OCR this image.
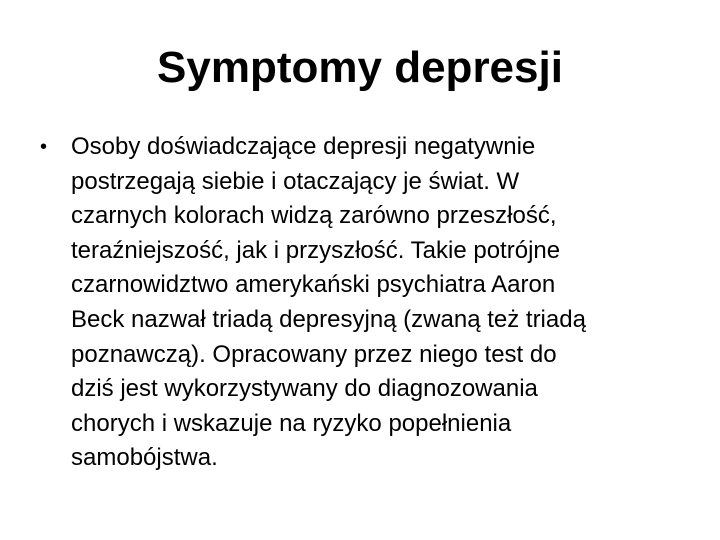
Symptomy depresji
• Osoby doświadczające depresji negatywnie
postrzegają siebie i otaczający je świat. W
czarnych kolorach widzą zarówno przeszłość,
teraźniejszość, jak i przyszłość. Takie potrójne
czarnowidztwo amerykański psychiatra Aaron
Beck nazwał triadą depresyjną (zwaną też triadą
poznawczą). Opracowany przez niego test do
dziś jest wykorzystywany do diagnozowania
chorych i wskazuje na ryzyko popełnienia
samobójstwa.
